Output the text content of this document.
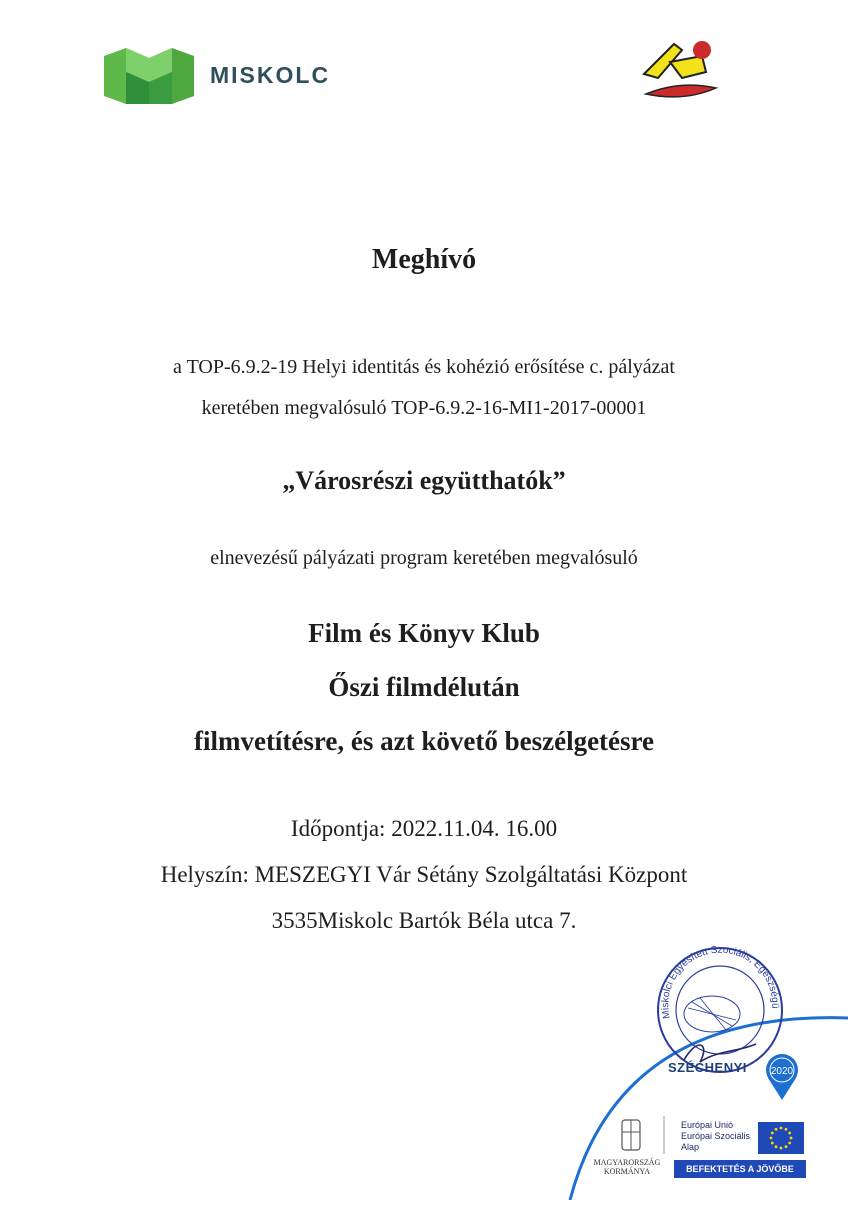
MISKOLC
Meghívó
a TOP-6.9.2-19 Helyi identitás és kohézió erősítése c. pályázat
keretében megvalósuló TOP-6.9.2-16-MI1-2017-00001
„Városrészi együtthatók”
elnevezésű pályázati program keretében megvalósuló
Film és Könyv Klub
Őszi filmdélután
filmvetítésre, és azt követő beszélgetésre
Időpontja: 2022.11.04. 16.00
Helyszín: MESZEGYI Vár Sétány Szolgáltatási Központ
3535Miskolc Bartók Béla utca 7.
Miskolci Egyesített Szociális, Egészségü
2020
SZÉCHENYI
MAGYARORSZÁG
KORMÁNYA
Európai Unió
Európai Szociális
Alap
BEFEKTETÉS A JÖVŐBE
